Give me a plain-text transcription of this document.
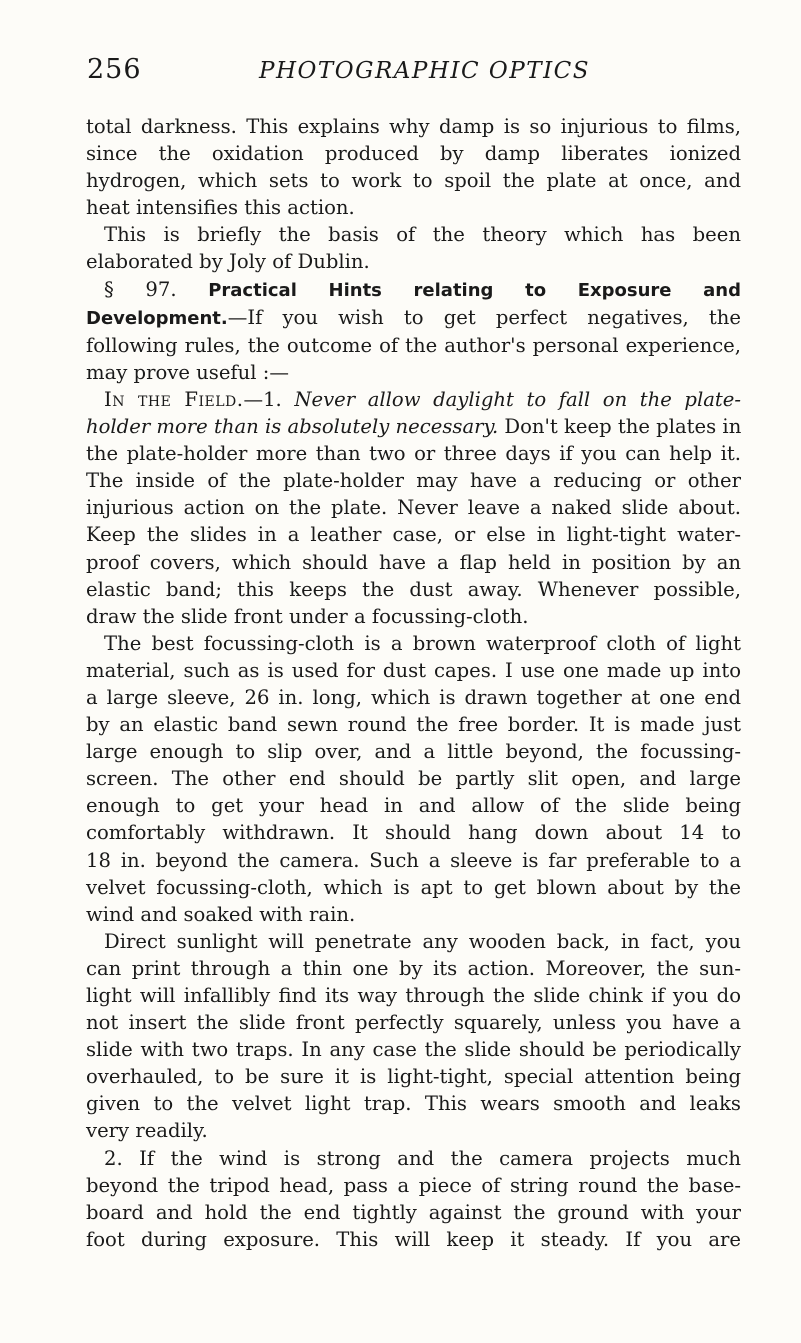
256	PHOTOGRAPHIC OPTICS

total darkness. This explains why damp is so injurious to films,
since the oxidation produced by damp liberates ionized
hydrogen, which sets to work to spoil the plate at once, and
heat intensifies this action.

This is briefly the basis of the theory which has been
elaborated by Joly of Dublin.

§ 97. Practical Hints relating to Exposure and
Development.—If you wish to get perfect negatives, the
following rules, the outcome of the author's personal experience,
may prove useful :—

In the Field.—1. Never allow daylight to fall on the plate-
holder more than is absolutely necessary. Don't keep the plates in
the plate-holder more than two or three days if you can help it.
The inside of the plate-holder may have a reducing or other
injurious action on the plate. Never leave a naked slide about.
Keep the slides in a leather case, or else in light-tight water-
proof covers, which should have a flap held in position by an
elastic band; this keeps the dust away. Whenever possible,
draw the slide front under a focussing-cloth.

The best focussing-cloth is a brown waterproof cloth of light
material, such as is used for dust capes. I use one made up into
a large sleeve, 26 in. long, which is drawn together at one end
by an elastic band sewn round the free border. It is made just
large enough to slip over, and a little beyond, the focussing-
screen. The other end should be partly slit open, and large
enough to get your head in and allow of the slide being
comfortably withdrawn. It should hang down about 14 to
18 in. beyond the camera. Such a sleeve is far preferable to a
velvet focussing-cloth, which is apt to get blown about by the
wind and soaked with rain.

Direct sunlight will penetrate any wooden back, in fact, you
can print through a thin one by its action. Moreover, the sun-
light will infallibly find its way through the slide chink if you do
not insert the slide front perfectly squarely, unless you have a
slide with two traps. In any case the slide should be periodically
overhauled, to be sure it is light-tight, special attention being
given to the velvet light trap. This wears smooth and leaks
very readily.

2. If the wind is strong and the camera projects much
beyond the tripod head, pass a piece of string round the base-
board and hold the end tightly against the ground with your
foot during exposure. This will keep it steady. If you are
